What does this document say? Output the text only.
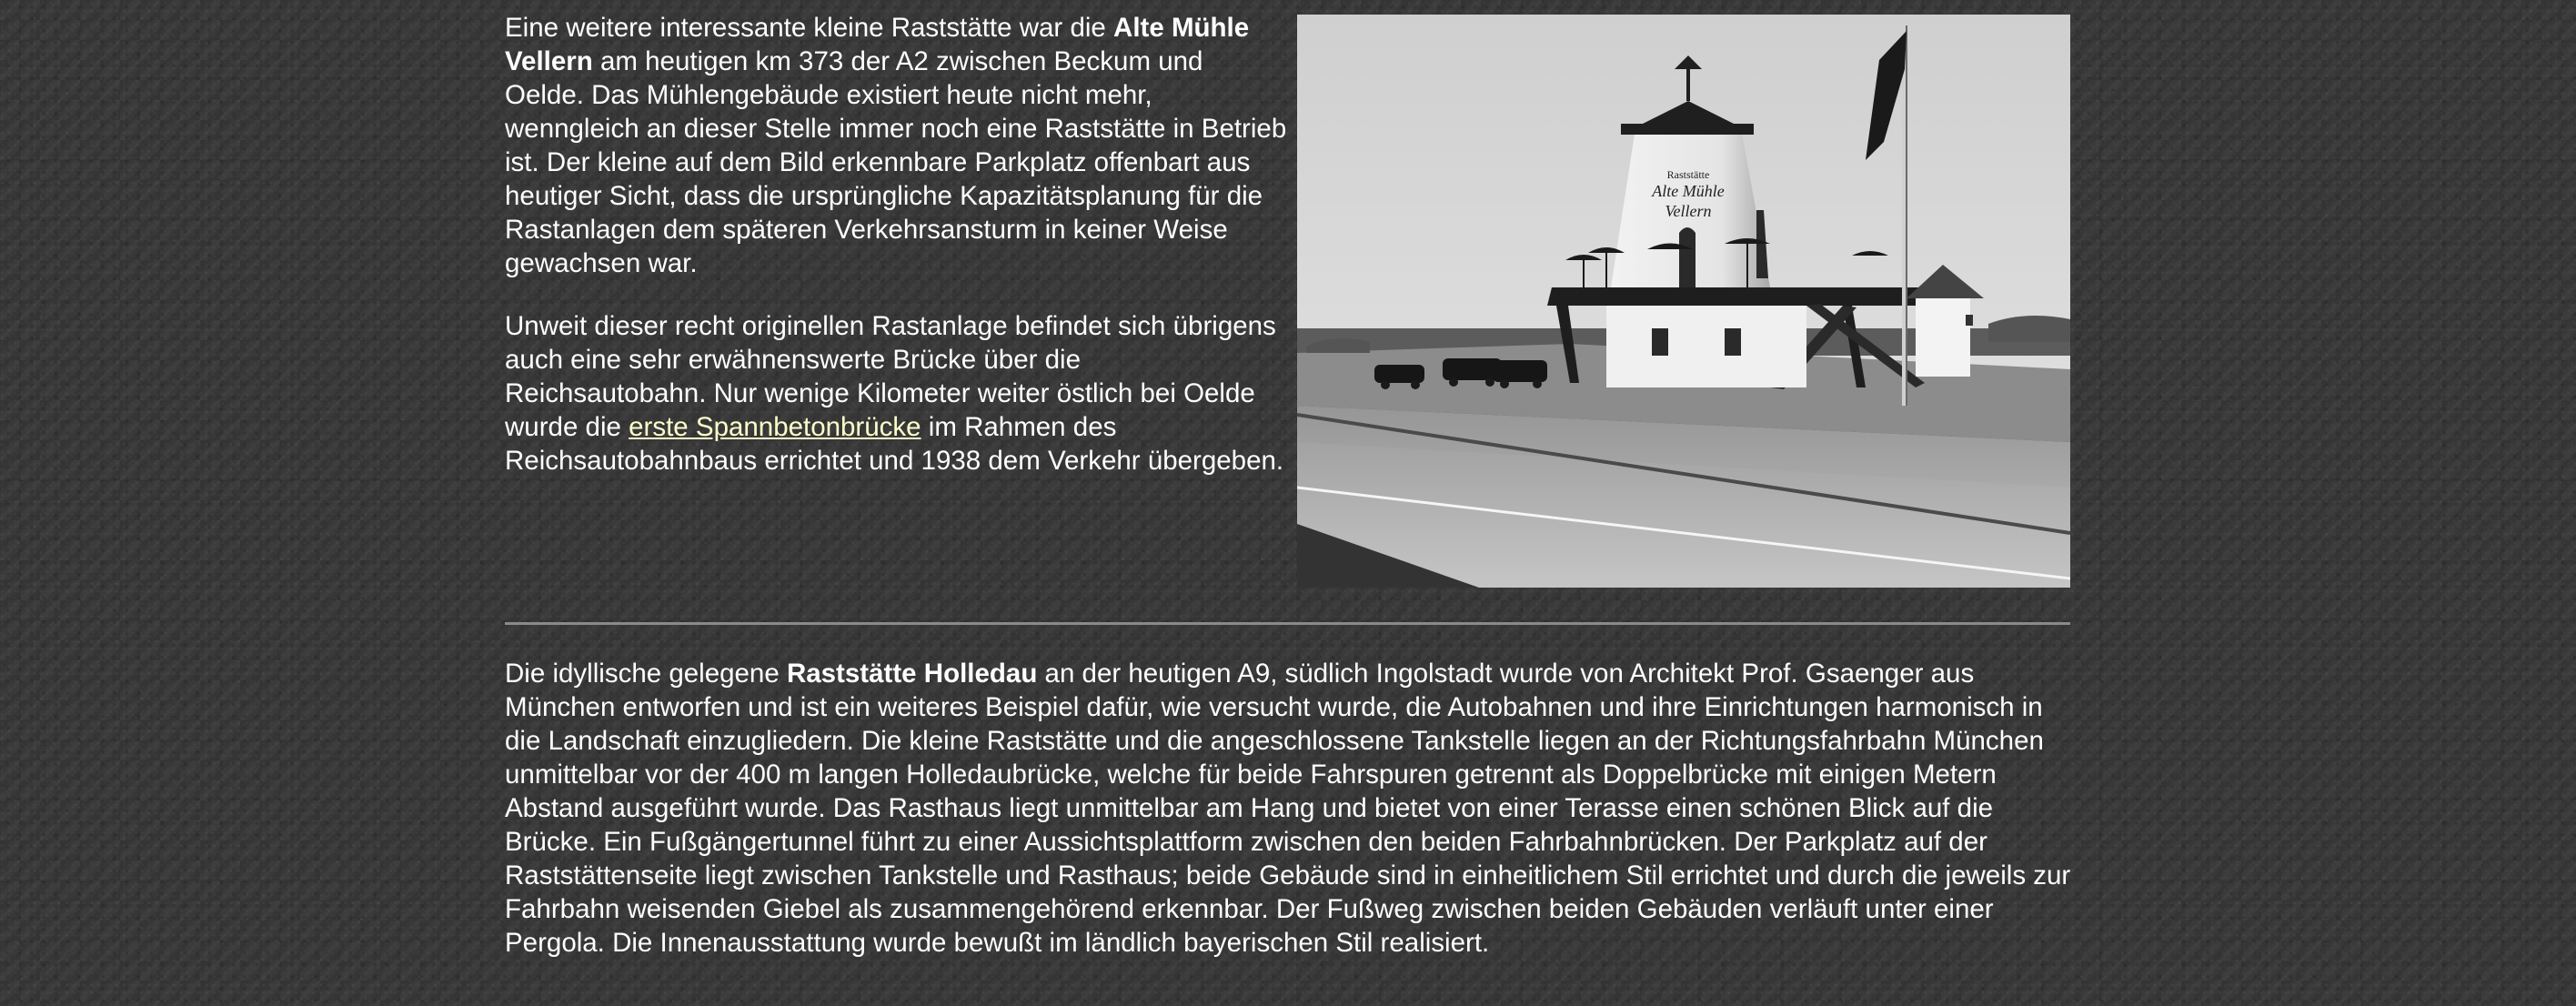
Eine weitere interessante kleine Raststätte war die Alte Mühle Vellern am heutigen km 373 der A2 zwischen Beckum und Oelde. Das Mühlengebäude existiert heute nicht mehr, wenngleich an dieser Stelle immer noch eine Raststätte in Betrieb ist. Der kleine auf dem Bild erkennbare Parkplatz offenbart aus heutiger Sicht, dass die ursprüngliche Kapazitätsplanung für die Rastanlagen dem späteren Verkehrsansturm in keiner Weise gewachsen war.

Unweit dieser recht originellen Rastanlage befindet sich übrigens auch eine sehr erwähnenswerte Brücke über die Reichsautobahn. Nur wenige Kilometer weiter östlich bei Oelde wurde die erste Spannbetonbrücke im Rahmen des Reichsautobahnbaus errichtet und 1938 dem Verkehr übergeben.

Raststätte
Alte Mühle
Vellern

Die idyllische gelegene Raststätte Holledau an der heutigen A9, südlich Ingolstadt wurde von Architekt Prof. Gsaenger aus München entworfen und ist ein weiteres Beispiel dafür, wie versucht wurde, die Autobahnen und ihre Einrichtungen harmonisch in die Landschaft einzugliedern. Die kleine Raststätte und die angeschlossene Tankstelle liegen an der Richtungsfahrbahn München unmittelbar vor der 400 m langen Holledaubrücke, welche für beide Fahrspuren getrennt als Doppelbrücke mit einigen Metern Abstand ausgeführt wurde. Das Rasthaus liegt unmittelbar am Hang und bietet von einer Terasse einen schönen Blick auf die Brücke. Ein Fußgängertunnel führt zu einer Aussichtsplattform zwischen den beiden Fahrbahnbrücken. Der Parkplatz auf der Raststättenseite liegt zwischen Tankstelle und Rasthaus; beide Gebäude sind in einheitlichem Stil errichtet und durch die jeweils zur Fahrbahn weisenden Giebel als zusammengehörend erkennbar. Der Fußweg zwischen beiden Gebäuden verläuft unter einer Pergola. Die Innenausstattung wurde bewußt im ländlich bayerischen Stil realisiert.
